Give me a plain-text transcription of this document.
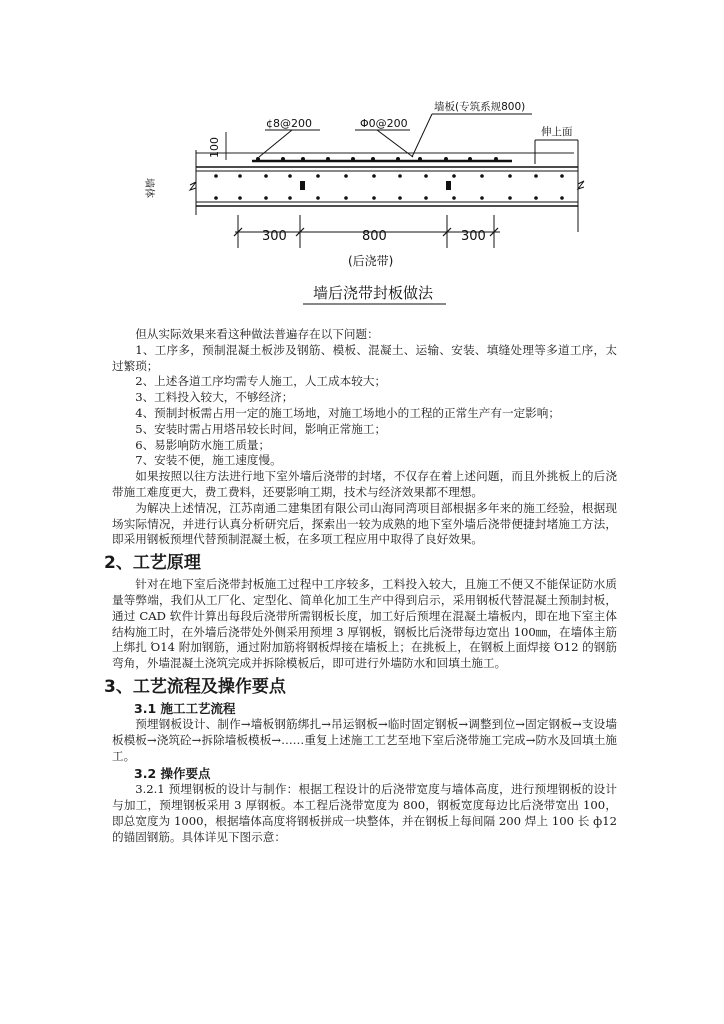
100
伸上面
¢8@200	Φ0@200
墙板(专筑系规800)
墙体
300	800	300
(后浇带)
墙后浇带封板做法

但从实际效果来看这种做法普遍存在以下问题：

1、工序多，预制混凝土板涉及钢筋、模板、混凝土、运输、安装、填缝处理等多道工序，太过繁琐；

2、上述各道工序均需专人施工，人工成本较大；

3、工料投入较大，不够经济；

4、预制封板需占用一定的施工场地，对施工场地小的工程的正常生产有一定影响；

5、安装时需占用塔吊较长时间，影响正常施工；

6、易影响防水施工质量；

7、安装不便，施工速度慢。

如果按照以往方法进行地下室外墙后浇带的封堵，不仅存在着上述问题，而且外挑板上的后浇带施工难度更大，费工费料，还要影响工期，技术与经济效果都不理想。

为解决上述情况，江苏南通二建集团有限公司山海同湾项目部根据多年来的施工经验，根据现场实际情况，并进行认真分析研究后，探索出一较为成熟的地下室外墙后浇带便捷封堵施工方法，即采用钢板预埋代替预制混凝土板，在多项工程应用中取得了良好效果。

2、工艺原理

针对在地下室后浇带封板施工过程中工序较多，工料投入较大，且施工不便又不能保证防水质量等弊端，我们从工厂化、定型化、简单化加工生产中得到启示，采用钢板代替混凝土预制封板，通过 CAD 软件计算出每段后浇带所需钢板长度，加工好后预埋在混凝土墙板内，即在地下室主体结构施工时，在外墙后浇带处外侧采用预埋 3 厚钢板，钢板比后浇带每边宽出 100㎜，在墙体主筋上绑扎 Ό14 附加钢筋，通过附加筋将钢板焊接在墙板上；在挑板上，在钢板上面焊接 Ό12 的钢筋弯角，外墙混凝土浇筑完成并拆除模板后，即可进行外墙防水和回填土施工。

3、工艺流程及操作要点
3.1 施工工艺流程

预埋钢板设计、制作→墙板钢筋绑扎→吊运钢板→临时固定钢板→调整到位→固定钢板→支设墙板模板→浇筑砼→拆除墙板模板→……重复上述施工工艺至地下室后浇带施工完成→防水及回填土施工。

3.2 操作要点

3.2.1 预埋钢板的设计与制作：根据工程设计的后浇带宽度与墙体高度，进行预埋钢板的设计与加工，预埋钢板采用 3 厚钢板。本工程后浇带宽度为 800，钢板宽度每边比后浇带宽出 100，即总宽度为 1000，根据墙体高度将钢板拼成一块整体，并在钢板上每间隔 200 焊上 100 长 ф12 的锚固钢筋。具体详见下图示意：
